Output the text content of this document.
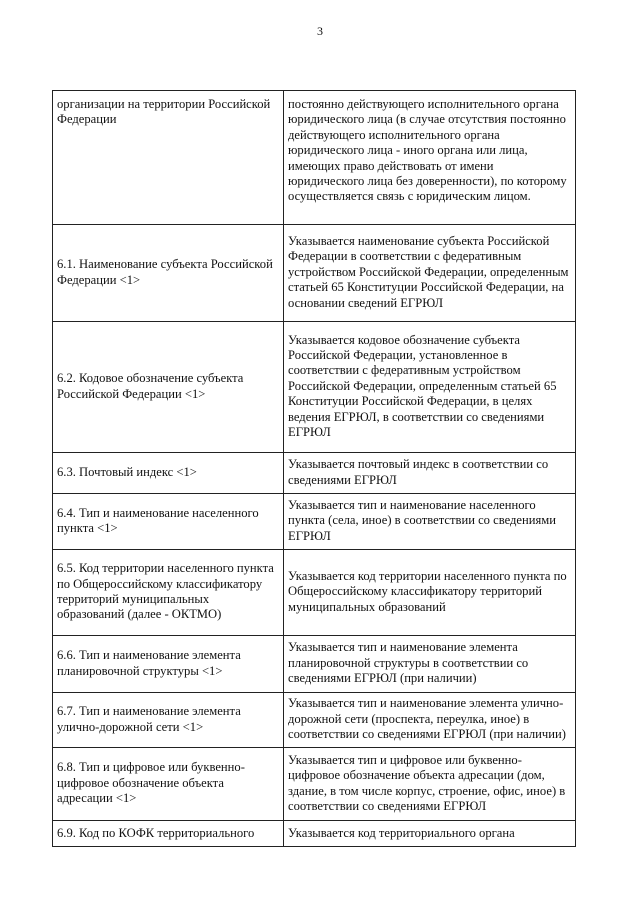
3
организации на территории Российской Федерации	постоянно действующего исполнительного органа юридического лица (в случае отсутствия постоянно действующего исполнительного органа юридического лица - иного органа или лица, имеющих право действовать от имени юридического лица без доверенности), по которому осуществляется связь с юридическим лицом.
6.1. Наименование субъекта Российской Федерации <1>	Указывается наименование субъекта Российской Федерации в соответствии с федеративным устройством Российской Федерации, определенным статьей 65 Конституции Российской Федерации, на основании сведений ЕГРЮЛ
6.2. Кодовое обозначение субъекта Российской Федерации <1>	Указывается кодовое обозначение субъекта Российской Федерации, установленное в соответствии с федеративным устройством Российской Федерации, определенным статьей 65 Конституции Российской Федерации, в целях ведения ЕГРЮЛ, в соответствии со сведениями ЕГРЮЛ
6.3. Почтовый индекс <1>	Указывается почтовый индекс в соответствии со сведениями ЕГРЮЛ
6.4. Тип и наименование населенного пункта <1>	Указывается тип и наименование населенного пункта (села, иное) в соответствии со сведениями ЕГРЮЛ
6.5. Код территории населенного пункта по Общероссийскому классификатору территорий муниципальных образований (далее - ОКТМО)	Указывается код территории населенного пункта по Общероссийскому классификатору территорий муниципальных образований
6.6. Тип и наименование элемента планировочной структуры <1>	Указывается тип и наименование элемента планировочной структуры в соответствии со сведениями ЕГРЮЛ (при наличии)
6.7. Тип и наименование элемента улично-дорожной сети <1>	Указывается тип и наименование элемента улично-дорожной сети (проспекта, переулка, иное) в соответствии со сведениями ЕГРЮЛ (при наличии)
6.8. Тип и цифровое или буквенно-цифровое обозначение объекта адресации <1>	Указывается тип и цифровое или буквенно-цифровое обозначение объекта адресации (дом, здание, в том числе корпус, строение, офис, иное) в соответствии со сведениями ЕГРЮЛ
6.9. Код по КОФК территориального	Указывается код территориального органа
